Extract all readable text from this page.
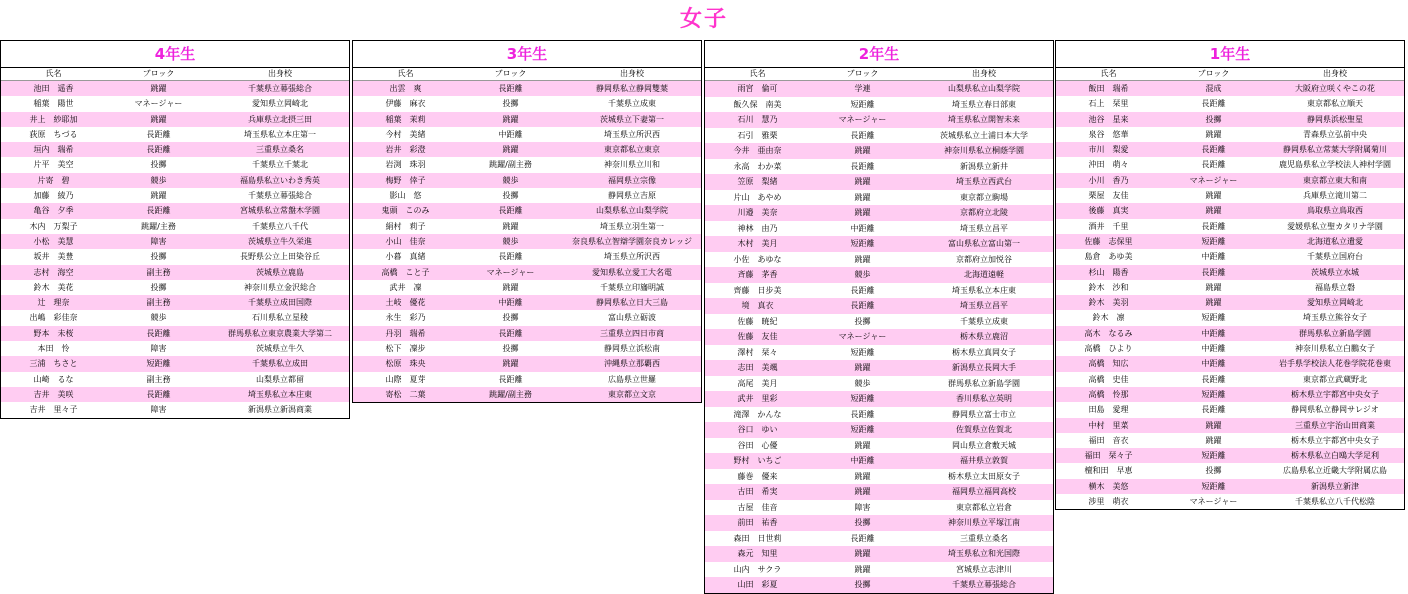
女子
4年生
氏名	ブロック	出身校
池田　遥香	跳躍	千葉県立幕張総合
稲葉　陽世	マネージャー	愛知県立岡崎北
井上　紗耶加	跳躍	兵庫県立北摂三田
荻原　ちづる	長距離	埼玉県私立本庄第一
垣内　瑞希	長距離	三重県立桑名
片平　美空	投擲	千葉県立千葉北
片寄　碧	競歩	福島県私立いわき秀英
加藤　綾乃	跳躍	千葉県立幕張総合
亀谷　夕季	長距離	宮城県私立常盤木学園
木内　万梨子	跳躍/主務	千葉県立八千代
小松　美慧	障害	茨城県立牛久栄進
坂井　美豊	投擲	長野県公立上田染谷丘
志村　海空	副主務	茨城県立鹿島
鈴木　美花	投擲	神奈川県立金沢総合
辻　理奈	副主務	千葉県立成田国際
出嶋　彩佳奈	競歩	石川県私立星稜
野本　未桜	長距離	群馬県私立東京農業大学第二
本田　怜	障害	茨城県立牛久
三浦　ちさと	短距離	千葉県私立成田
山崎　るな	副主務	山梨県立都留
吉井　美咲	長距離	埼玉県私立本庄東
吉井　里々子	障害	新潟県立新潟商業
3年生
氏名	ブロック	出身校
出雲　爽	長距離	静岡県私立静岡雙葉
伊藤　麻衣	投擲	千葉県立成東
稲葉　茉莉	跳躍	茨城県立下妻第一
今村　美緒	中距離	埼玉県立所沢西
岩井　彩澄	跳躍	東京都私立東京
岩渕　珠羽	跳躍/副主務	神奈川県立川和
梅野　倖子	競歩	福岡県立宗像
影山　悠	投擲	静岡県立吉原
鬼頭　このみ	長距離	山梨県私立山梨学院
絹村　莉子	跳躍	埼玉県立羽生第一
小山　佳奈	競歩	奈良県私立智辯学園奈良カレッジ
小暮　真緒	長距離	埼玉県立所沢西
高橋　こと子	マネージャー	愛知県私立愛工大名電
武井　凜	跳躍	千葉県立印旛明誠
土岐　優花	中距離	静岡県私立日大三島
永生　彩乃	投擲	富山県立砺波
丹羽　瑞希	長距離	三重県立四日市商
松下　凜步	投擲	静岡県立浜松南
松原　珠央	跳躍	沖縄県立那覇西
山際　夏芽	長距離	広島県立世羅
寄松　二葉	跳躍/副主務	東京都立文京
2年生
氏名	ブロック	出身校
雨宮　倫可	学連	山梨県私立山梨学院
飯久保　南美	短距離	埼玉県立春日部東
石川　慧乃	マネージャー	埼玉県私立開智未来
石引　雅栗	長距離	茨城県私立土浦日本大学
今井　亜由奈	跳躍	神奈川県私立桐蔭学園
永高　わか菜	長距離	新潟県立新井
笠原　梨緒	跳躍	埼玉県立西武台
片山　あやめ	跳躍	東京都立駒場
川邉　美奈	跳躍	京都府立北陵
神林　由乃	中距離	埼玉県立昌平
木村　美月	短距離	富山県私立富山第一
小佐　あゆな	跳躍	京都府立加悦谷
斉藤　茅香	競歩	北海道遠軽
齊藤　日步美	長距離	埼玉県私立本庄東
境　真衣	長距離	埼玉県立昌平
佐藤　暁紀	投擲	千葉県立成東
佐藤　友佳	マネージャー	栃木県立鹿沼
澤村　栞々	短距離	栃木県立真岡女子
志田　美颯	跳躍	新潟県立長岡大手
高尾　美月	競歩	群馬県私立新島学園
武井　里彩	短距離	香川県私立英明
滝澤　かんな	長距離	静岡県立富士市立
谷口　ゆい	短距離	佐賀県立佐賀北
谷田　心優	跳躍	岡山県立倉敷天城
野村　いちご	中距離	福井県立敦賀
藤巻　優来	跳躍	栃木県立太田原女子
古田　希実	跳躍	福岡県立福岡高校
古屋　佳音	障害	東京都私立岩倉
前田　祐香	投擲	神奈川県立平塚江南
森田　日世莉	長距離	三重県立桑名
森元　知里	跳躍	埼玉県私立和光国際
山内　サクラ	跳躍	宮城県立志津川
山田　彩夏	投擲	千葉県立幕張総合
1年生
氏名	ブロック	出身校
飯田　瑞希	混成	大阪府立咲くやこの花
石上　栞里	長距離	東京都私立順天
池谷　星来	投擲	静岡県浜松聖星
泉谷　悠華	跳躍	青森県立弘前中央
市川　梨愛	長距離	静岡県私立常葉大学附属菊川
沖田　萌々	長距離	鹿児島県私立学校法人神村学園
小川　香乃	マネージャー	東京都立東大和南
栗屋　友佳	跳躍	兵庫県立滝川第二
後藤　真実	跳躍	鳥取県立鳥取西
酒井　千里	長距離	愛媛県私立聖カタリナ学園
佐藤　志保里	短距離	北海道私立遺愛
島倉　あゆ美	中距離	千葉県立国府台
杉山　陽香	長距離	茨城県立水城
鈴木　沙和	跳躍	福島県立磐
鈴木　美羽	跳躍	愛知県立岡崎北
鈴木　凛	短距離	埼玉県立熊谷女子
高木　なるみ	中距離	群馬県私立新島学園
高橋　ひより	中距離	神奈川県私立白鵬女子
高橋　知広	中距離	岩手県学校法人花巻学院花巻東
高橋　史佳	長距離	東京都立武蔵野北
高橋　怜那	短距離	栃木県立宇都宮中央女子
田島　愛理	長距離	静岡県私立静岡サレジオ
中村　里菜	跳躍	三重県立宇治山田商業
福田　音衣	跳躍	栃木県立宇都宮中央女子
福田　栞々子	短距離	栃木県私立白鴎大学足利
檀和田　早恵	投擲	広島県私立近畿大学附属広島
横木　美悠	短距離	新潟県立新津
渉里　萌衣	マネージャー	千葉県私立八千代松陰
